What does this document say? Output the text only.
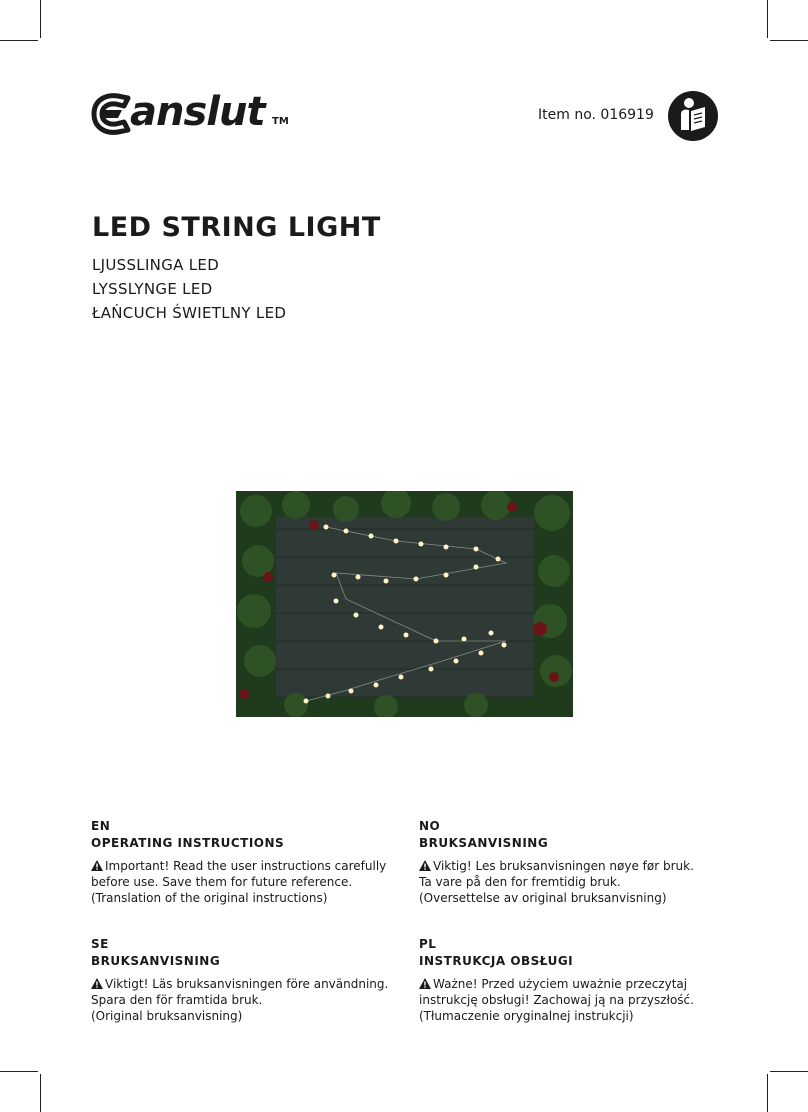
anslut TM	Item no. 016919
LED STRING LIGHT
LJUSSLINGA LED
LYSSLYNGE LED
ŁAŃCUCH ŚWIETLNY LED
EN
OPERATING INSTRUCTIONS
Important! Read the user instructions carefully
before use. Save them for future reference.
(Translation of the original instructions)
NO
BRUKSANVISNING
Viktig! Les bruksanvisningen nøye før bruk.
Ta vare på den for fremtidig bruk.
(Oversettelse av original bruksanvisning)
SE
BRUKSANVISNING
Viktigt! Läs bruksanvisningen före användning.
Spara den för framtida bruk.
(Original bruksanvisning)
PL
INSTRUKCJA OBSŁUGI
Ważne! Przed użyciem uważnie przeczytaj
instrukcję obsługi! Zachowaj ją na przyszłość.
(Tłumaczenie oryginalnej instrukcji)
